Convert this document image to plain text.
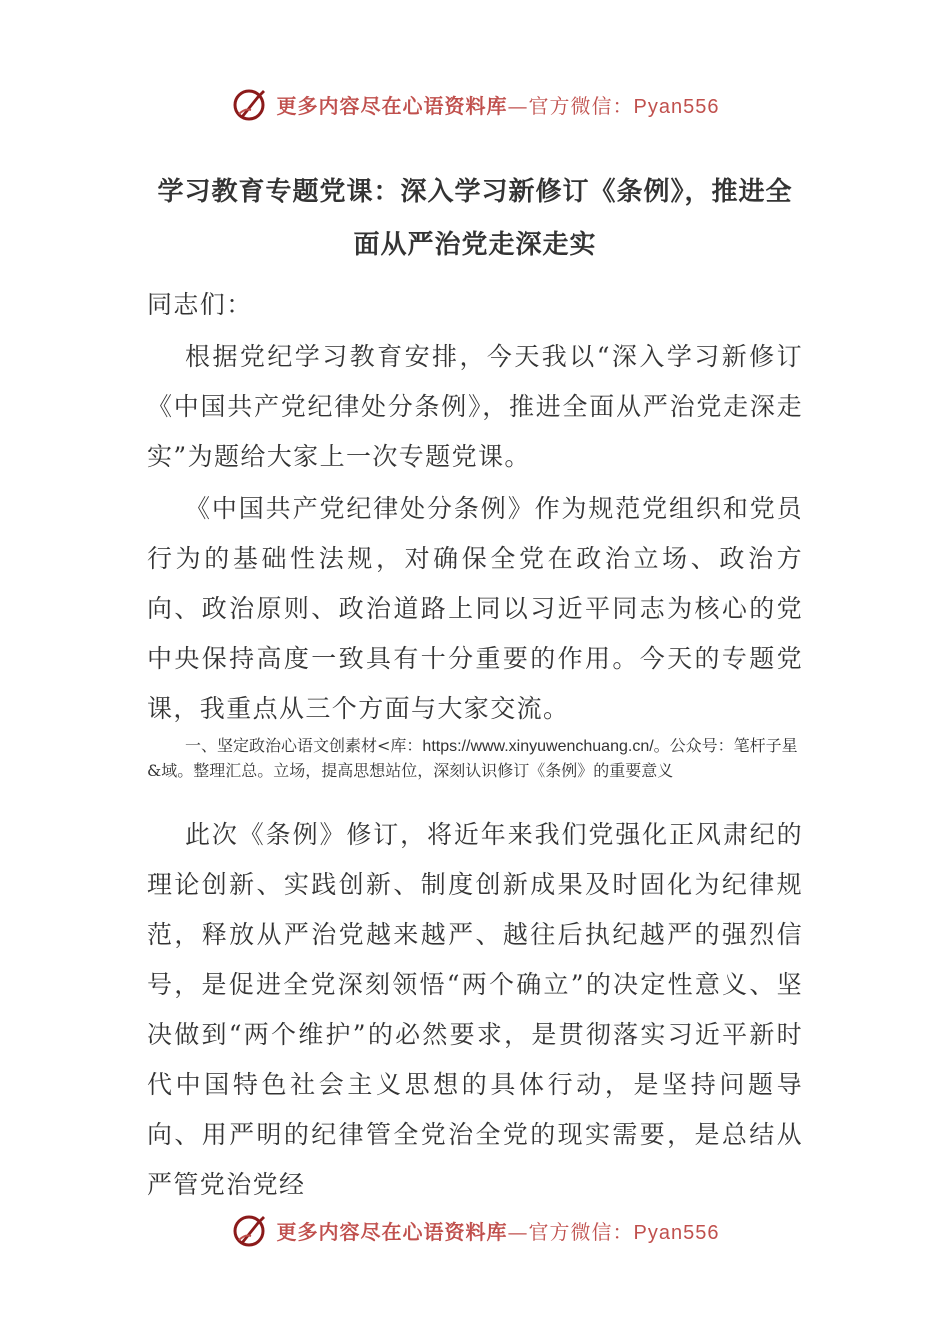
更多内容尽在心语资料库—官方微信：Pyan556
学习教育专题党课：深入学习新修订《条例》，推进全面从严治党走深走实

同志们：

根据党纪学习教育安排，今天我以“深入学习新修订《中国共产党纪律处分条例》，推进全面从严治党走深走实”为题给大家上一次专题党课。

《中国共产党纪律处分条例》作为规范党组织和党员行为的基础性法规，对确保全党在政治立场、政治方向、政治原则、政治道路上同以习近平同志为核心的党中央保持高度一致具有十分重要的作用。今天的专题党课，我重点从三个方面与大家交流。

一、坚定政治心语文创素材<库：https://www.xinyuwenchuang.cn/。公众号：笔杆子星&域。整理汇总。立场，提高思想站位，深刻认识修订《条例》的重要意义

此次《条例》修订，将近年来我们党强化正风肃纪的理论创新、实践创新、制度创新成果及时固化为纪律规范，释放从严治党越来越严、越往后执纪越严的强烈信号，是促进全党深刻领悟“两个确立”的决定性意义、坚决做到“两个维护”的必然要求，是贯彻落实习近平新时代中国特色社会主义思想的具体行动，是坚持问题导向、用严明的纪律管全党治全党的现实需要，是总结从严管党治党经

更多内容尽在心语资料库—官方微信：Pyan556
